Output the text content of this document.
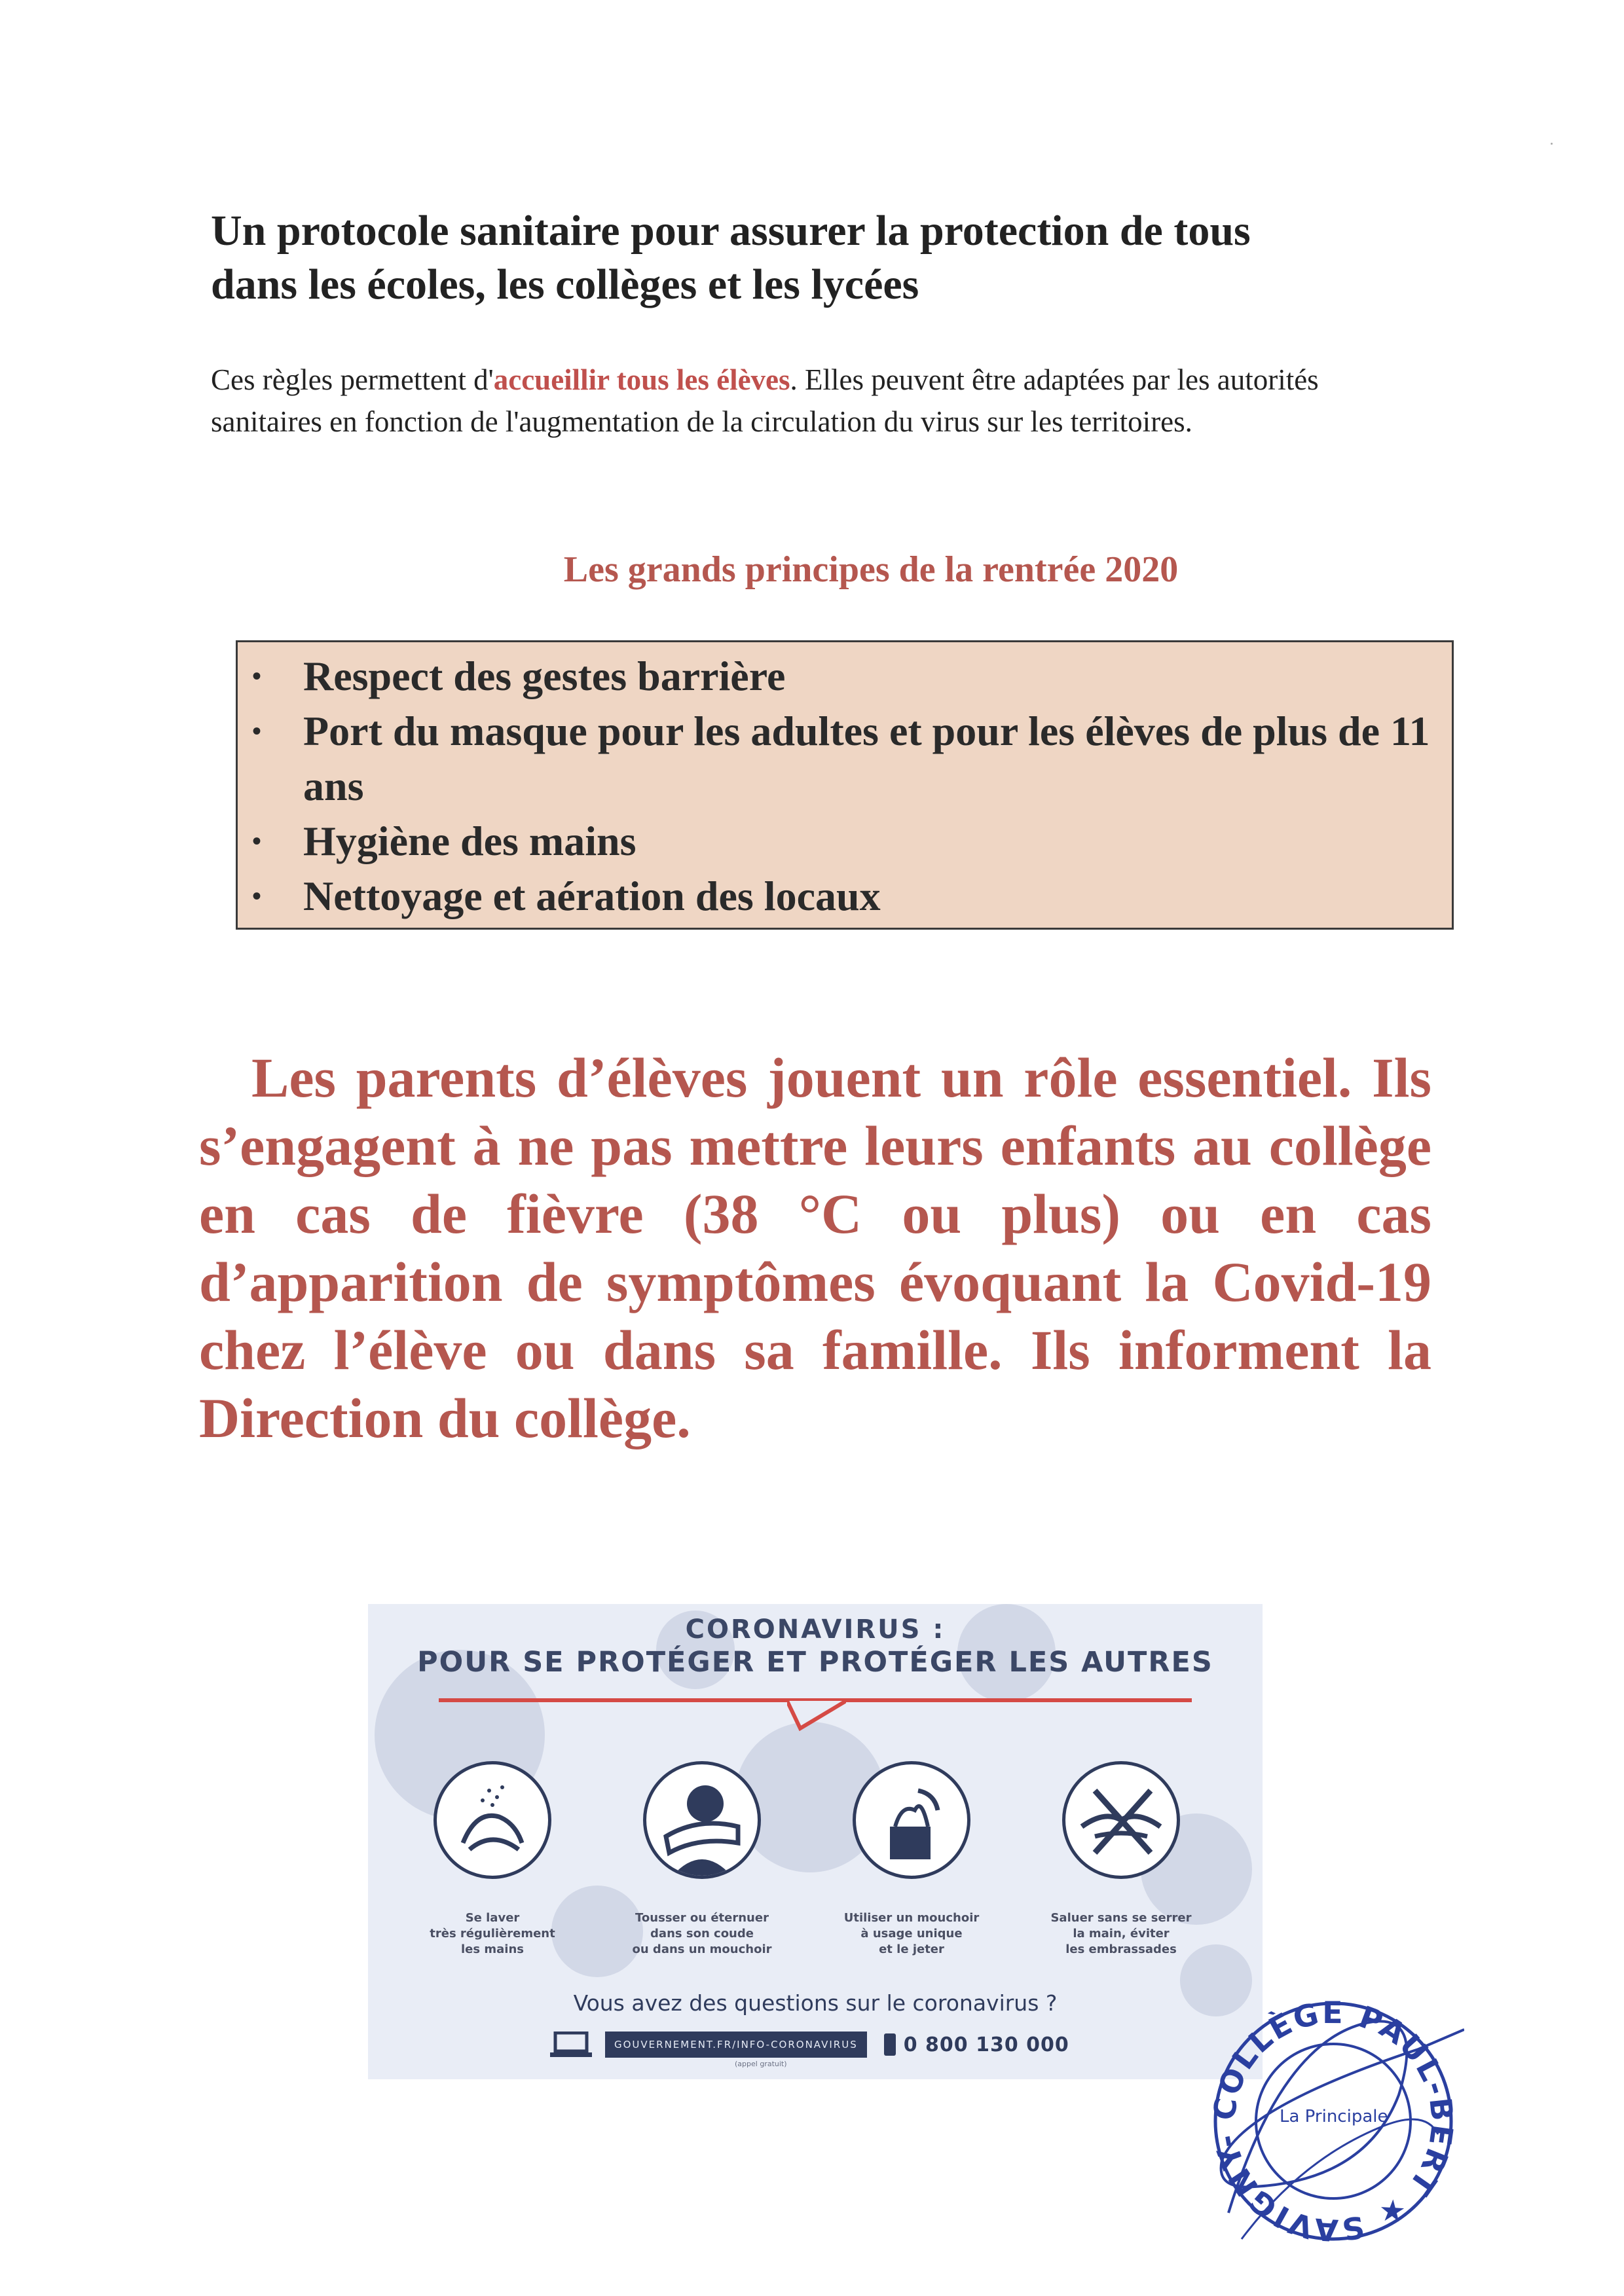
Un protocole sanitaire pour assurer la protection de tous
dans les écoles, les collèges et les lycées
Ces règles permettent d'accueillir tous les élèves. Elles peuvent être adaptées par les autorités sanitaires en fonction de l'augmentation de la circulation du virus sur les territoires.
Les grands principes de la rentrée 2020
• Respect des gestes barrière
• Port du masque pour les adultes et pour les élèves de plus de 11 ans
• Hygiène des mains
• Nettoyage et aération des locaux
Les parents d’élèves jouent un rôle essentiel. Ils s’engagent à ne pas mettre leurs enfants au collège en cas de fièvre (38 °C ou plus) ou en cas d’apparition de symptômes évoquant la Covid-19 chez l’élève ou dans sa famille. Ils informent la Direction du collège.
CORONAVIRUS :
POUR SE PROTÉGER ET PROTÉGER LES AUTRES
Se laver
très régulièrement
les mains
Tousser ou éternuer
dans son coude
ou dans un mouchoir
Utiliser un mouchoir
à usage unique
et le jeter
Saluer sans se serrer
la main, éviter
les embrassades
Vous avez des questions sur le coronavirus ?
GOUVERNEMENT.FR/INFO-CORONAVIRUS	0 800 130 000
(appel gratuit)
COLLÈGE PAUL-BERT ★ SAVIGNY-
La Principale
